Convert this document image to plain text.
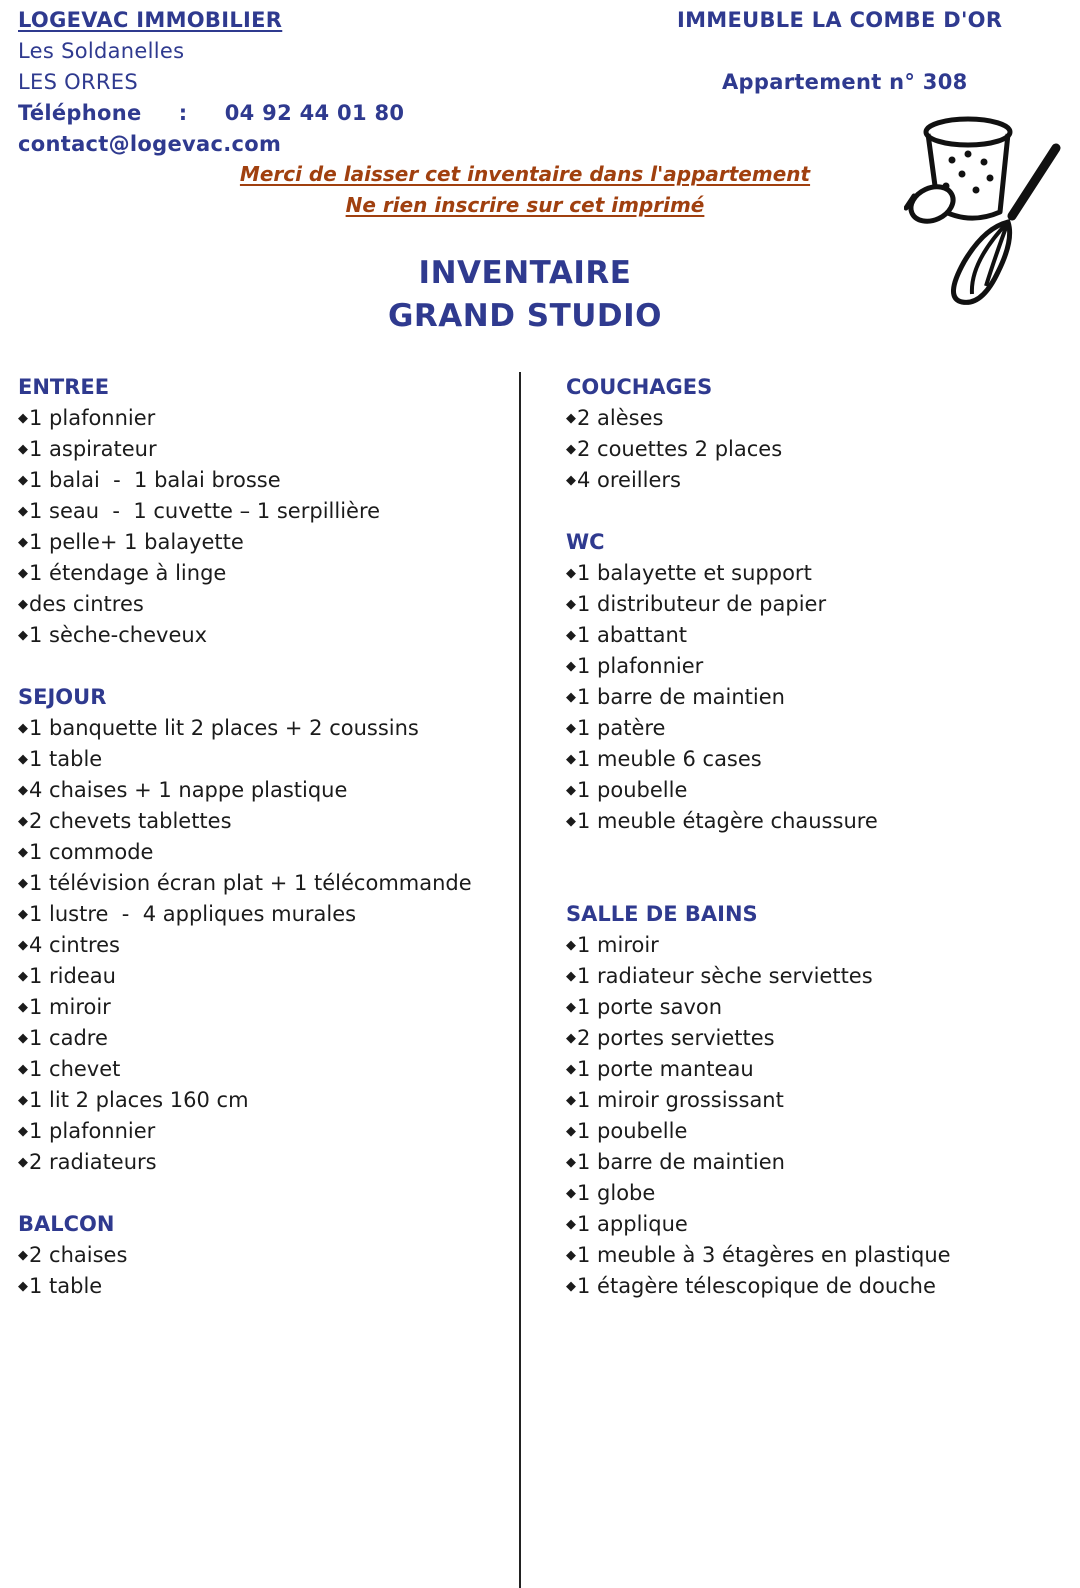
LOGEVAC IMMOBILIER
Les Soldanelles
LES ORRES
Téléphone : 04 92 44 01 80
contact@logevac.com
IMMEUBLE LA COMBE D'OR
Appartement n° 308
Merci de laisser cet inventaire dans l'appartement
Ne rien inscrire sur cet imprimé
INVENTAIRE
GRAND STUDIO
ENTREE
◆1 plafonnier
◆1 aspirateur
◆1 balai  -  1 balai brosse
◆1 seau  -  1 cuvette – 1 serpillière
◆1 pelle+ 1 balayette
◆1 étendage à linge
◆des cintres
◆1 sèche-cheveux
SEJOUR
◆1 banquette lit 2 places + 2 coussins
◆1 table
◆4 chaises + 1 nappe plastique
◆2 chevets tablettes
◆1 commode
◆1 télévision écran plat + 1 télécommande
◆1 lustre  -  4 appliques murales
◆4 cintres
◆1 rideau
◆1 miroir
◆1 cadre
◆1 chevet
◆1 lit 2 places 160 cm
◆1 plafonnier
◆2 radiateurs
BALCON
◆2 chaises
◆1 table
COUCHAGES
◆2 alèses
◆2 couettes 2 places
◆4 oreillers
WC
◆1 balayette et support
◆1 distributeur de papier
◆1 abattant
◆1 plafonnier
◆1 barre de maintien
◆1 patère
◆1 meuble 6 cases
◆1 poubelle
◆1 meuble étagère chaussure
SALLE DE BAINS
◆1 miroir
◆1 radiateur sèche serviettes
◆1 porte savon
◆2 portes serviettes
◆1 porte manteau
◆1 miroir grossissant
◆1 poubelle
◆1 barre de maintien
◆1 globe
◆1 applique
◆1 meuble à 3 étagères en plastique
◆1 étagère télescopique de douche
